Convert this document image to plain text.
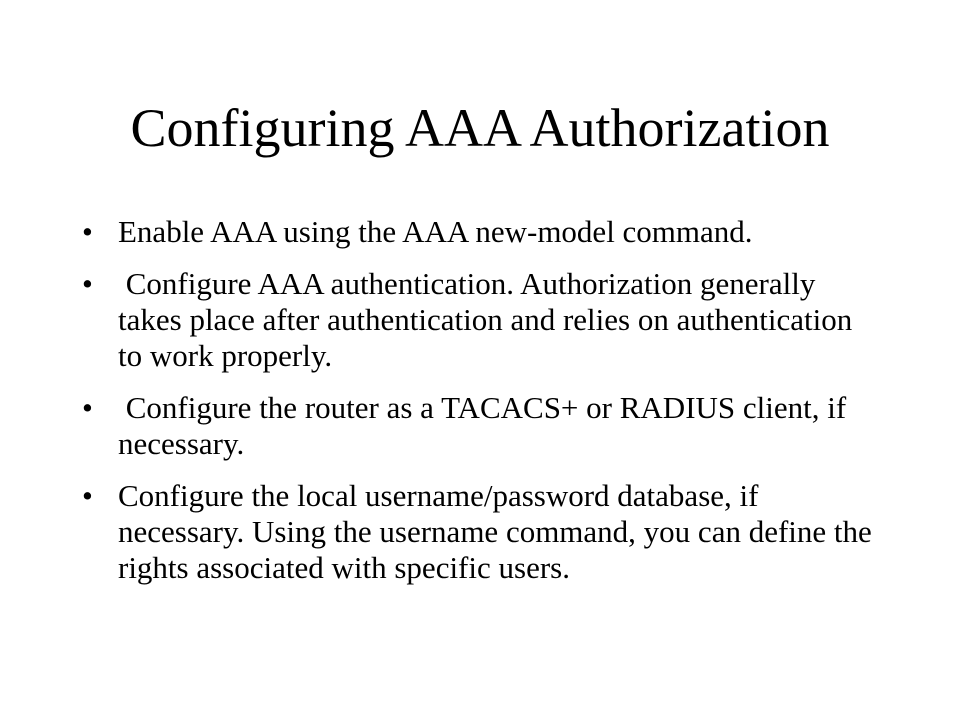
Configuring AAA Authorization
• Enable AAA using the AAA new-model command.
• Configure AAA authentication. Authorization generally takes place after authentication and relies on authentication to work properly.
• Configure the router as a TACACS+ or RADIUS client, if necessary.
• Configure the local username/password database, if necessary. Using the username command, you can define the rights associated with specific users.
